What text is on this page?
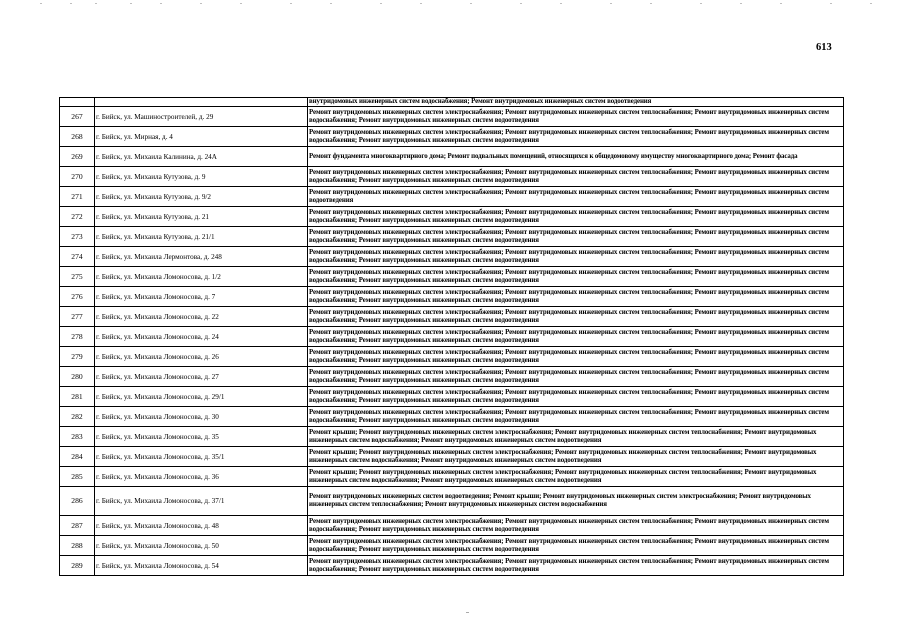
613
		внутридомовых инженерных систем водоснабжения; Ремонт внутридомовых инженерных систем водоотведения
267	г. Бийск, ул. Машиностроителей, д. 29	Ремонт внутридомовых инженерных систем электроснабжения; Ремонт внутридомовых инженерных систем теплоснабжения; Ремонт внутридомовых инженерных систем водоснабжения; Ремонт внутридомовых инженерных систем водоотведения
268	г. Бийск, ул. Мирная, д. 4	Ремонт внутридомовых инженерных систем электроснабжения; Ремонт внутридомовых инженерных систем теплоснабжения; Ремонт внутридомовых инженерных систем водоснабжения; Ремонт внутридомовых инженерных систем водоотведения
269	г. Бийск, ул. Михаила Калинина, д. 24А	Ремонт фундамента многоквартирного дома; Ремонт подвальных помещений, относящихся к общедомовому имуществу многоквартирного дома; Ремонт фасада
270	г. Бийск, ул. Михаила Кутузова, д. 9	Ремонт внутридомовых инженерных систем электроснабжения; Ремонт внутридомовых инженерных систем теплоснабжения; Ремонт внутридомовых инженерных систем водоснабжения; Ремонт внутридомовых инженерных систем водоотведения
271	г. Бийск, ул. Михаила Кутузова, д. 9/2	Ремонт внутридомовых инженерных систем электроснабжения; Ремонт внутридомовых инженерных систем теплоснабжения; Ремонт внутридомовых инженерных систем водоотведения
272	г. Бийск, ул. Михаила Кутузова, д. 21	Ремонт внутридомовых инженерных систем электроснабжения; Ремонт внутридомовых инженерных систем теплоснабжения; Ремонт внутридомовых инженерных систем водоснабжения; Ремонт внутридомовых инженерных систем водоотведения
273	г. Бийск, ул. Михаила Кутузова, д. 21/1	Ремонт внутридомовых инженерных систем электроснабжения; Ремонт внутридомовых инженерных систем теплоснабжения; Ремонт внутридомовых инженерных систем водоснабжения; Ремонт внутридомовых инженерных систем водоотведения
274	г. Бийск, ул. Михаила Лермонтова, д. 248	Ремонт внутридомовых инженерных систем электроснабжения; Ремонт внутридомовых инженерных систем теплоснабжения; Ремонт внутридомовых инженерных систем водоснабжения; Ремонт внутридомовых инженерных систем водоотведения
275	г. Бийск, ул. Михаила Ломоносова, д. 1/2	Ремонт внутридомовых инженерных систем электроснабжения; Ремонт внутридомовых инженерных систем теплоснабжения; Ремонт внутридомовых инженерных систем водоснабжения; Ремонт внутридомовых инженерных систем водоотведения
276	г. Бийск, ул. Михаила Ломоносова, д. 7	Ремонт внутридомовых инженерных систем электроснабжения; Ремонт внутридомовых инженерных систем теплоснабжения; Ремонт внутридомовых инженерных систем водоснабжения; Ремонт внутридомовых инженерных систем водоотведения
277	г. Бийск, ул. Михаила Ломоносова, д. 22	Ремонт внутридомовых инженерных систем электроснабжения; Ремонт внутридомовых инженерных систем теплоснабжения; Ремонт внутридомовых инженерных систем водоснабжения; Ремонт внутридомовых инженерных систем водоотведения
278	г. Бийск, ул. Михаила Ломоносова, д. 24	Ремонт внутридомовых инженерных систем электроснабжения; Ремонт внутридомовых инженерных систем теплоснабжения; Ремонт внутридомовых инженерных систем водоснабжения; Ремонт внутридомовых инженерных систем водоотведения
279	г. Бийск, ул. Михаила Ломоносова, д. 26	Ремонт внутридомовых инженерных систем электроснабжения; Ремонт внутридомовых инженерных систем теплоснабжения; Ремонт внутридомовых инженерных систем водоснабжения; Ремонт внутридомовых инженерных систем водоотведения
280	г. Бийск, ул. Михаила Ломоносова, д. 27	Ремонт внутридомовых инженерных систем электроснабжения; Ремонт внутридомовых инженерных систем теплоснабжения; Ремонт внутридомовых инженерных систем водоснабжения; Ремонт внутридомовых инженерных систем водоотведения
281	г. Бийск, ул. Михаила Ломоносова, д. 29/1	Ремонт внутридомовых инженерных систем электроснабжения; Ремонт внутридомовых инженерных систем теплоснабжения; Ремонт внутридомовых инженерных систем водоснабжения; Ремонт внутридомовых инженерных систем водоотведения
282	г. Бийск, ул. Михаила Ломоносова, д. 30	Ремонт внутридомовых инженерных систем электроснабжения; Ремонт внутридомовых инженерных систем теплоснабжения; Ремонт внутридомовых инженерных систем водоснабжения; Ремонт внутридомовых инженерных систем водоотведения
283	г. Бийск, ул. Михаила Ломоносова, д. 35	Ремонт крыши; Ремонт внутридомовых инженерных систем электроснабжения; Ремонт внутридомовых инженерных систем теплоснабжения; Ремонт внутридомовых инженерных систем водоснабжения; Ремонт внутридомовых инженерных систем водоотведения
284	г. Бийск, ул. Михаила Ломоносова, д. 35/1	Ремонт крыши; Ремонт внутридомовых инженерных систем электроснабжения; Ремонт внутридомовых инженерных систем теплоснабжения; Ремонт внутридомовых инженерных систем водоснабжения; Ремонт внутридомовых инженерных систем водоотведения
285	г. Бийск, ул. Михаила Ломоносова, д. 36	Ремонт крыши; Ремонт внутридомовых инженерных систем электроснабжения; Ремонт внутридомовых инженерных систем теплоснабжения; Ремонт внутридомовых инженерных систем водоснабжения; Ремонт внутридомовых инженерных систем водоотведения
286	г. Бийск, ул. Михаила Ломоносова, д. 37/1	Ремонт внутридомовых инженерных систем водоотведения; Ремонт крыши; Ремонт внутридомовых инженерных систем электроснабжения; Ремонт внутридомовых инженерных систем теплоснабжения; Ремонт внутридомовых инженерных систем водоснабжения
287	г. Бийск, ул. Михаила Ломоносова, д. 48	Ремонт внутридомовых инженерных систем электроснабжения; Ремонт внутридомовых инженерных систем теплоснабжения; Ремонт внутридомовых инженерных систем водоснабжения; Ремонт внутридомовых инженерных систем водоотведения
288	г. Бийск, ул. Михаила Ломоносова, д. 50	Ремонт внутридомовых инженерных систем электроснабжения; Ремонт внутридомовых инженерных систем теплоснабжения; Ремонт внутридомовых инженерных систем водоснабжения; Ремонт внутридомовых инженерных систем водоотведения
289	г. Бийск, ул. Михаила Ломоносова, д. 54	Ремонт внутридомовых инженерных систем электроснабжения; Ремонт внутридомовых инженерных систем теплоснабжения; Ремонт внутридомовых инженерных систем водоснабжения; Ремонт внутридомовых инженерных систем водоотведения
